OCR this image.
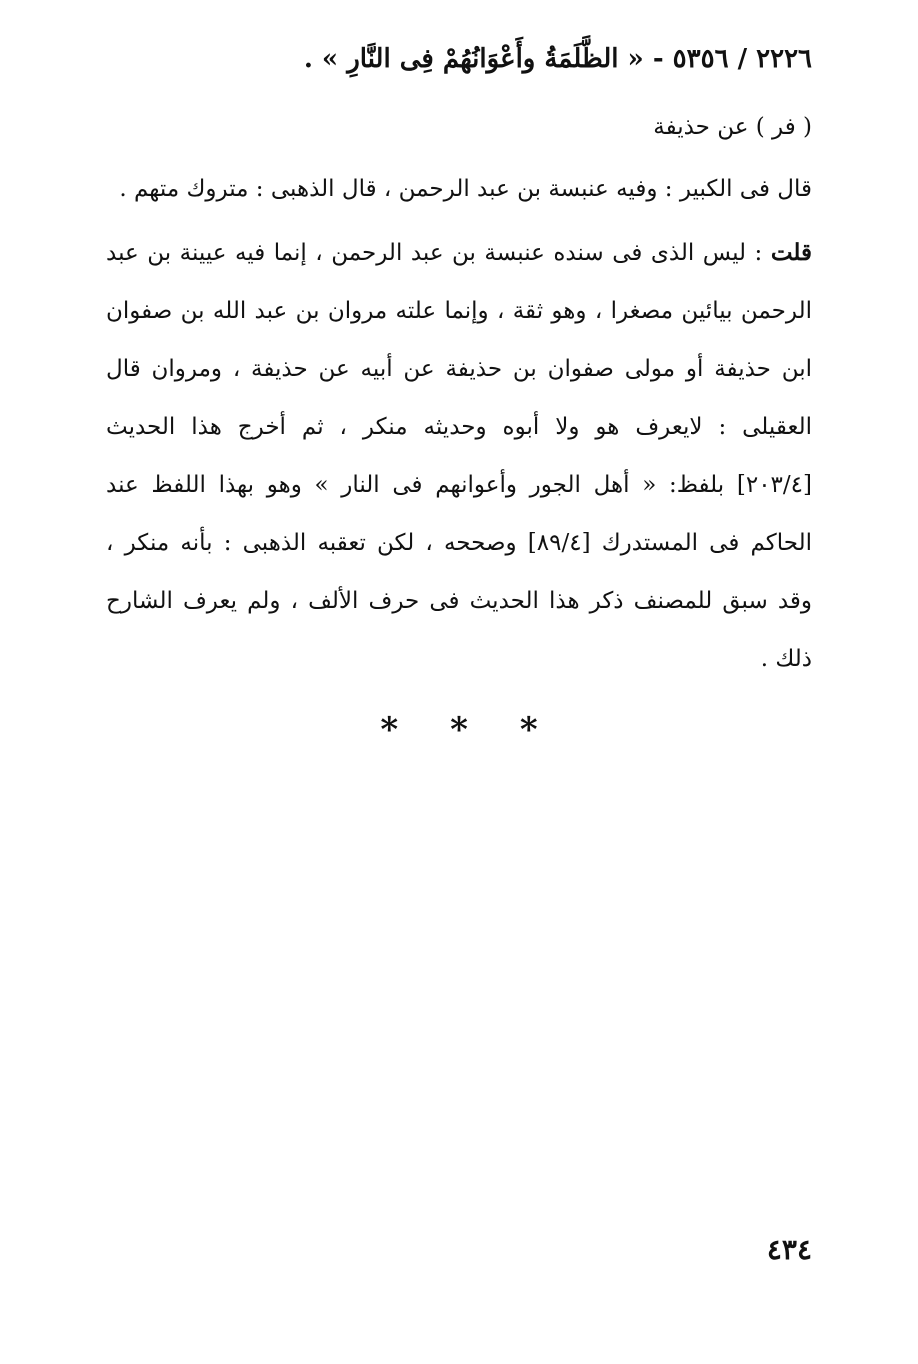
٢٢٢٦ / ٥٣٥٦ - « الظَّلَمَةُ وأَعْوَانُهُمْ فِى النَّارِ » .
( فر ) عن حذيفة
قال فى الكبير : وفيه عنبسة بن عبد الرحمن ، قال الذهبى : متروك متهم .
قلت : ليس الذى فى سنده عنبسة بن عبد الرحمن ، إنما فيه عيينة بن عبد
الرحمن بيائين مصغرا ، وهو ثقة ، وإنما علته مروان بن عبد الله بن صفوان
ابن حذيفة أو مولى صفوان بن حذيفة عن أبيه عن حذيفة ، ومروان قال
العقيلى : لايعرف هو ولا أبوه وحديثه منكر ، ثم أخرج هذا الحديث
[٢٠٣/٤] بلفظ: « أهل الجور وأعوانهم فى النار » وهو بهذا اللفظ عند
الحاكم فى المستدرك [٨٩/٤] وصححه ، لكن تعقبه الذهبى : بأنه منكر ،
وقد سبق للمصنف ذكر هذا الحديث فى حرف الألف ، ولم يعرف الشارح
ذلك .
* * *
٤٣٤
